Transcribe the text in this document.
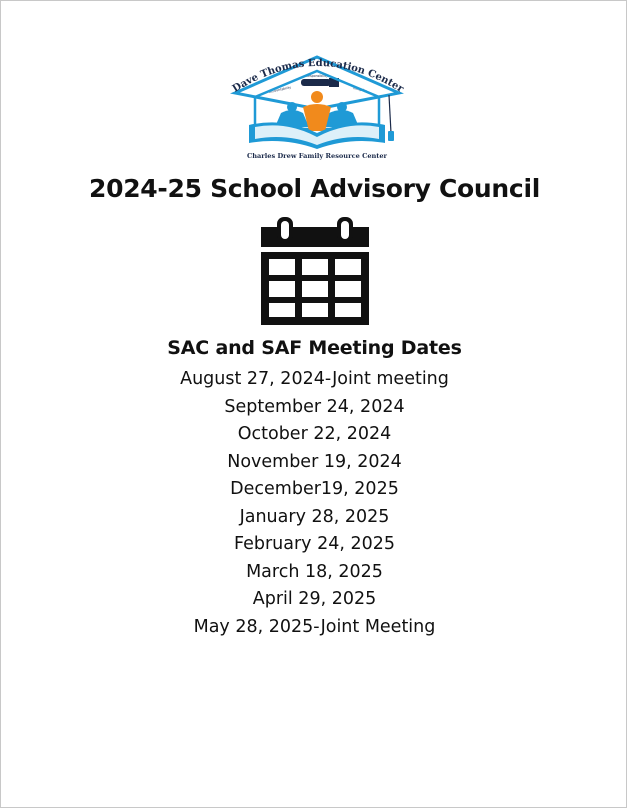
Dave Thomas Education Center
Accountability
Responsibility
Integrity
Charles Drew Family Resource Center
2024-25 School Advisory Council
SAC and SAF Meeting Dates
August 27, 2024-Joint meeting
September 24, 2024
October 22, 2024
November 19, 2024
December19, 2025
January 28, 2025
February 24, 2025
March 18, 2025
April 29, 2025
May 28, 2025-Joint Meeting
